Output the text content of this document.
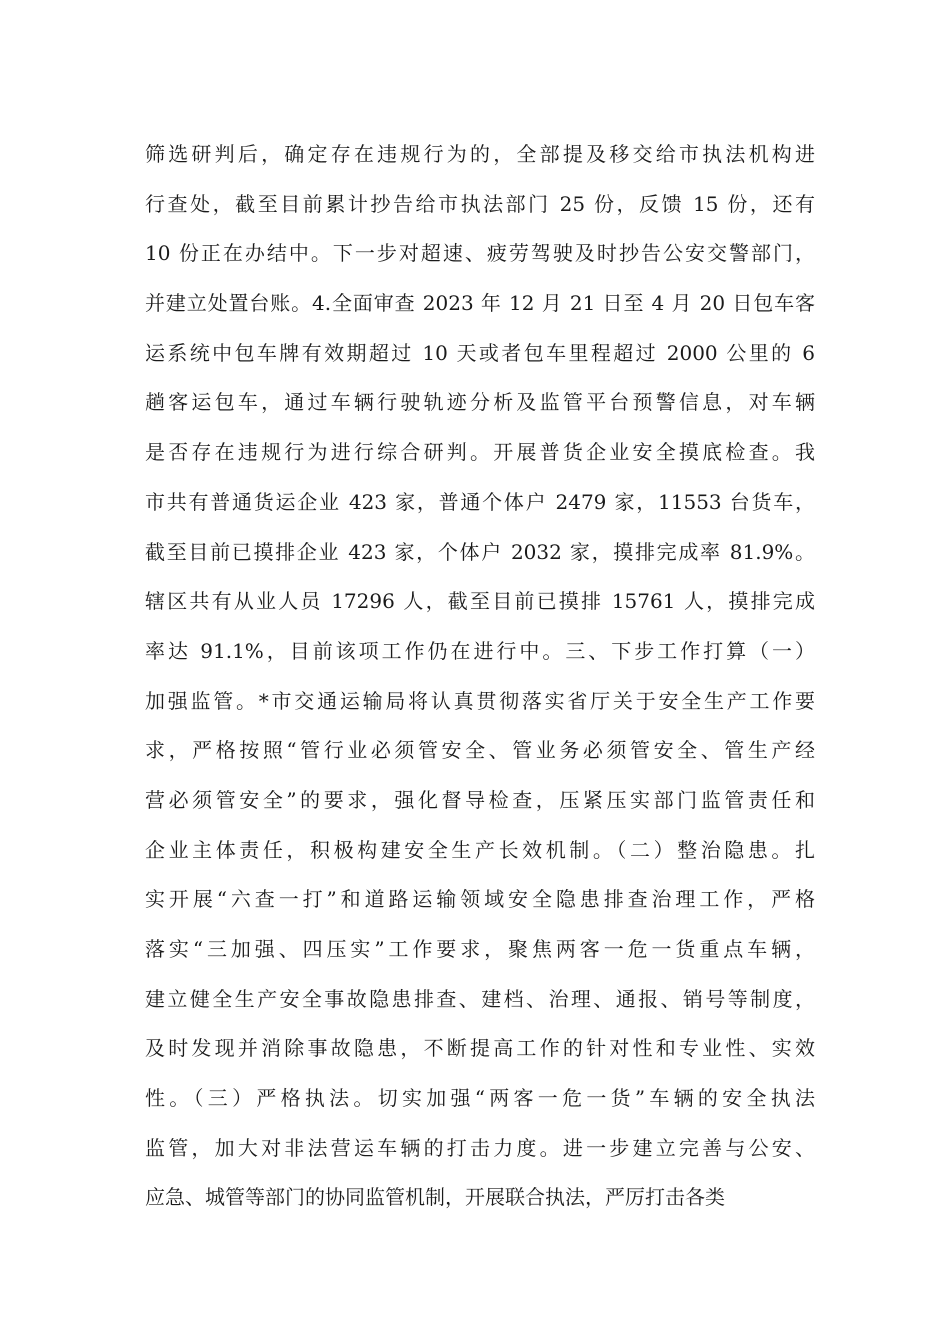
筛选研判后，确定存在违规行为的，全部提及移交给市执法机构进
行查处，截至目前累计抄告给市执法部门 25 份，反馈 15 份，还有
10 份正在办结中。下一步对超速、疲劳驾驶及时抄告公安交警部门，
并建立处置台账。4.全面审查 2023 年 12 月 21 日至 4 月 20 日包车客
运系统中包车牌有效期超过 10 天或者包车里程超过 2000 公里的 6
趟客运包车，通过车辆行驶轨迹分析及监管平台预警信息，对车辆
是否存在违规行为进行综合研判。开展普货企业安全摸底检查。我
市共有普通货运企业 423 家，普通个体户 2479 家，11553 台货车，
截至目前已摸排企业 423 家，个体户 2032 家，摸排完成率 81.9%。
辖区共有从业人员 17296 人，截至目前已摸排 15761 人，摸排完成
率达 91.1%，目前该项工作仍在进行中。三、下步工作打算（一）
加强监管。*市交通运输局将认真贯彻落实省厅关于安全生产工作要
求，严格按照“管行业必须管安全、管业务必须管安全、管生产经
营必须管安全”的要求，强化督导检查，压紧压实部门监管责任和
企业主体责任，积极构建安全生产长效机制。（二）整治隐患。扎
实开展“六查一打”和道路运输领域安全隐患排查治理工作，严格
落实“三加强、四压实”工作要求，聚焦两客一危一货重点车辆，
建立健全生产安全事故隐患排查、建档、治理、通报、销号等制度，
及时发现并消除事故隐患，不断提高工作的针对性和专业性、实效
性。（三）严格执法。切实加强“两客一危一货”车辆的安全执法
监管，加大对非法营运车辆的打击力度。进一步建立完善与公安、
应急、城管等部门的协同监管机制，开展联合执法，严厉打击各类
